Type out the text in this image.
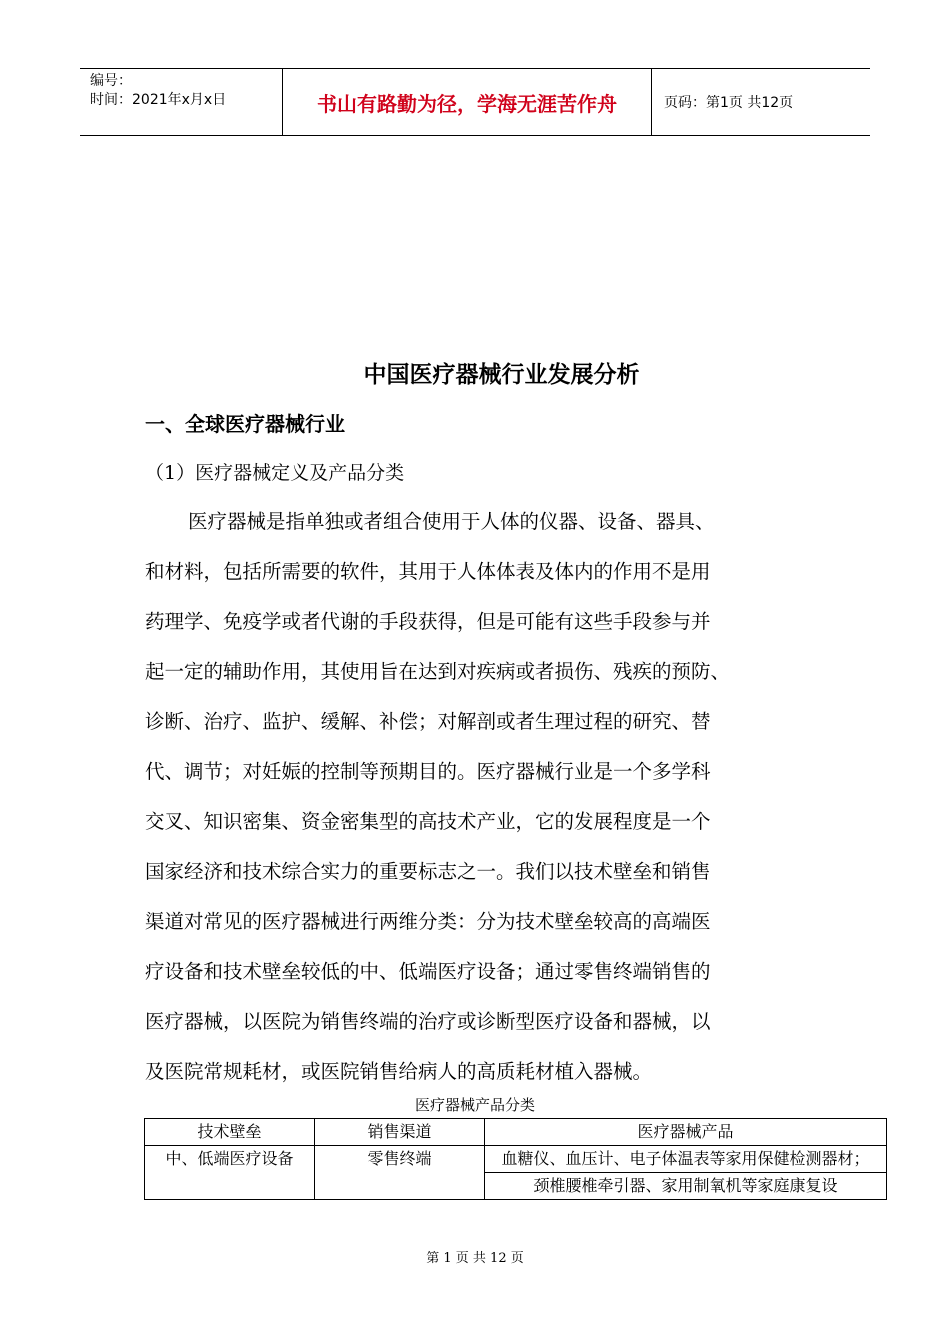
编号：
时间：2021年x月x日	书山有路勤为径，学海无涯苦作舟	页码：第1页 共12页
中国医疗器械行业发展分析
一、全球医疗器械行业
（1）医疗器械定义及产品分类
医疗器械是指单独或者组合使用于人体的仪器、设备、器具、
和材料，包括所需要的软件，其用于人体体表及体内的作用不是用
药理学、免疫学或者代谢的手段获得，但是可能有这些手段参与并
起一定的辅助作用，其使用旨在达到对疾病或者损伤、残疾的预防、
诊断、治疗、监护、缓解、补偿；对解剖或者生理过程的研究、替
代、调节；对妊娠的控制等预期目的。医疗器械行业是一个多学科
交叉、知识密集、资金密集型的高技术产业，它的发展程度是一个
国家经济和技术综合实力的重要标志之一。我们以技术壁垒和销售
渠道对常见的医疗器械进行两维分类：分为技术壁垒较高的高端医
疗设备和技术壁垒较低的中、低端医疗设备；通过零售终端销售的
医疗器械，以医院为销售终端的治疗或诊断型医疗设备和器械，以
及医院常规耗材，或医院销售给病人的高质耗材植入器械。
医疗器械产品分类
技术壁垒	销售渠道	医疗器械产品
中、低端医疗设备	零售终端	血糖仪、血压计、电子体温表等家用保健检测器材；
		颈椎腰椎牵引器、家用制氧机等家庭康复设
第 1 页 共 12 页
